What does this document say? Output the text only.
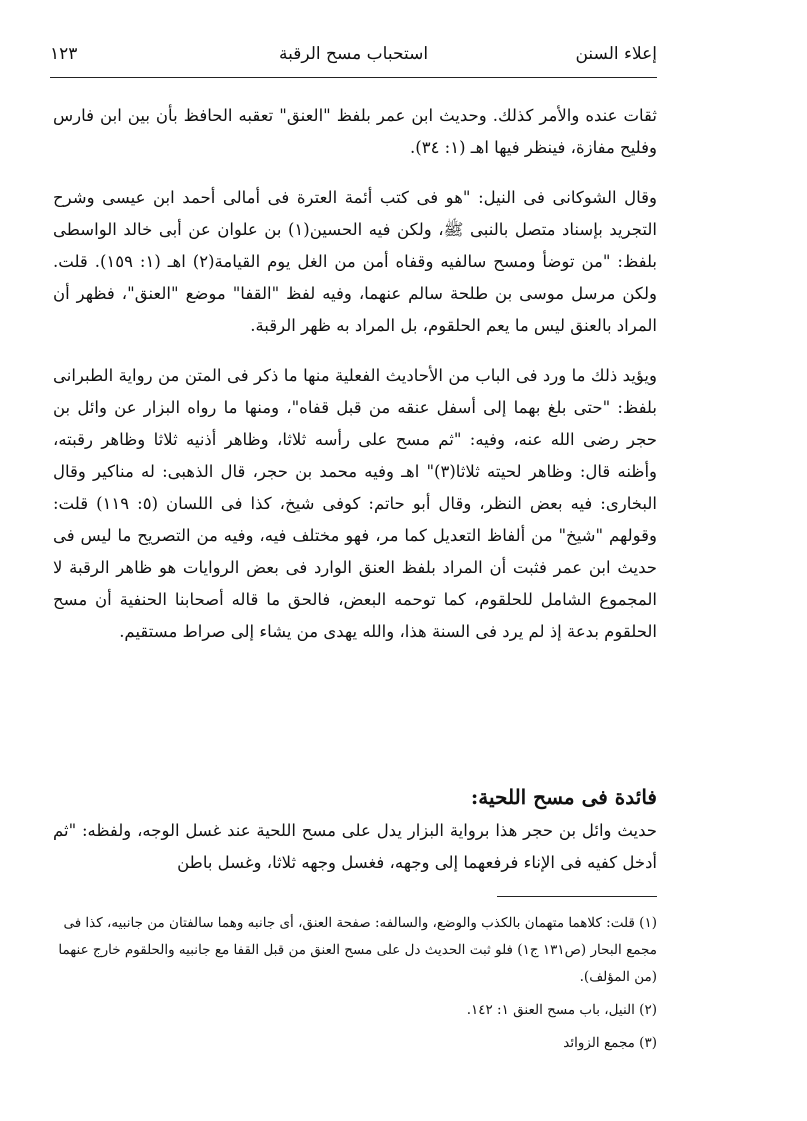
١٢٣	استحباب مسح الرقبة	إعلاء السنن

ثقات عنده والأمر كذلك. وحديث ابن عمر بلفظ "العنق" تعقبه الحافظ بأن بين ابن فارس وفليح مفازة، فينظر فيها اهـ (١: ٣٤).

وقال الشوكانى فى النيل: "هو فى كتب أئمة العترة فى أمالى أحمد ابن عيسى وشرح التجريد بإسناد متصل بالنبى ﷺ، ولكن فيه الحسين(١) بن علوان عن أبى خالد الواسطى بلفظ: "من توضأ ومسح سالفيه وقفاه أمن من الغل يوم القيامة(٢) اهـ (١: ١٥٩). قلت. ولكن مرسل موسى بن طلحة سالم عنهما، وفيه لفظ "القفا" موضع "العنق"، فظهر أن المراد بالعنق ليس ما يعم الحلقوم، بل المراد به ظهر الرقبة.

ويؤيد ذلك ما ورد فى الباب من الأحاديث الفعلية منها ما ذكر فى المتن من رواية الطبرانى بلفظ: "حتى بلغ بهما إلى أسفل عنقه من قبل قفاه"، ومنها ما رواه البزار عن وائل بن حجر رضى الله عنه، وفيه: "ثم مسح على رأسه ثلاثا، وظاهر أذنيه ثلاثا وظاهر رقبته، وأظنه قال: وظاهر لحيته ثلاثا(٣)" اهـ وفيه محمد بن حجر، قال الذهبى: له مناكير وقال البخارى: فيه بعض النظر، وقال أبو حاتم: كوفى شيخ، كذا فى اللسان (٥: ١١٩) قلت: وقولهم "شيخ" من ألفاظ التعديل كما مر، فهو مختلف فيه، وفيه من التصريح ما ليس فى حديث ابن عمر فثبت أن المراد بلفظ العنق الوارد فى بعض الروايات هو ظاهر الرقبة لا المجموع الشامل للحلقوم، كما توحمه البعض، فالحق ما قاله أصحابنا الحنفية أن مسح الحلقوم بدعة إذ لم يرد فى السنة هذا، والله يهدى من يشاء إلى صراط مستقيم.

فائدة فى مسح اللحية:

حديث وائل بن حجر هذا برواية البزار يدل على مسح اللحية عند غسل الوجه، ولفظه: "ثم أدخل كفيه فى الإناء فرفعهما إلى وجهه، فغسل وجهه ثلاثا، وغسل باطن

(١) قلت: كلاهما متهمان بالكذب والوضع، والسالفه: صفحة العنق، أى جانبه وهما سالفتان من جانبيه، كذا فى مجمع البحار (ص١٣١ ج١) فلو ثبت الحديث دل على مسح العنق من قبل القفا مع جانبيه والحلقوم خارج عنهما (من المؤلف).

(٢) النيل، باب مسح العنق ١: ١٤٢.

(٣) مجمع الزوائد
